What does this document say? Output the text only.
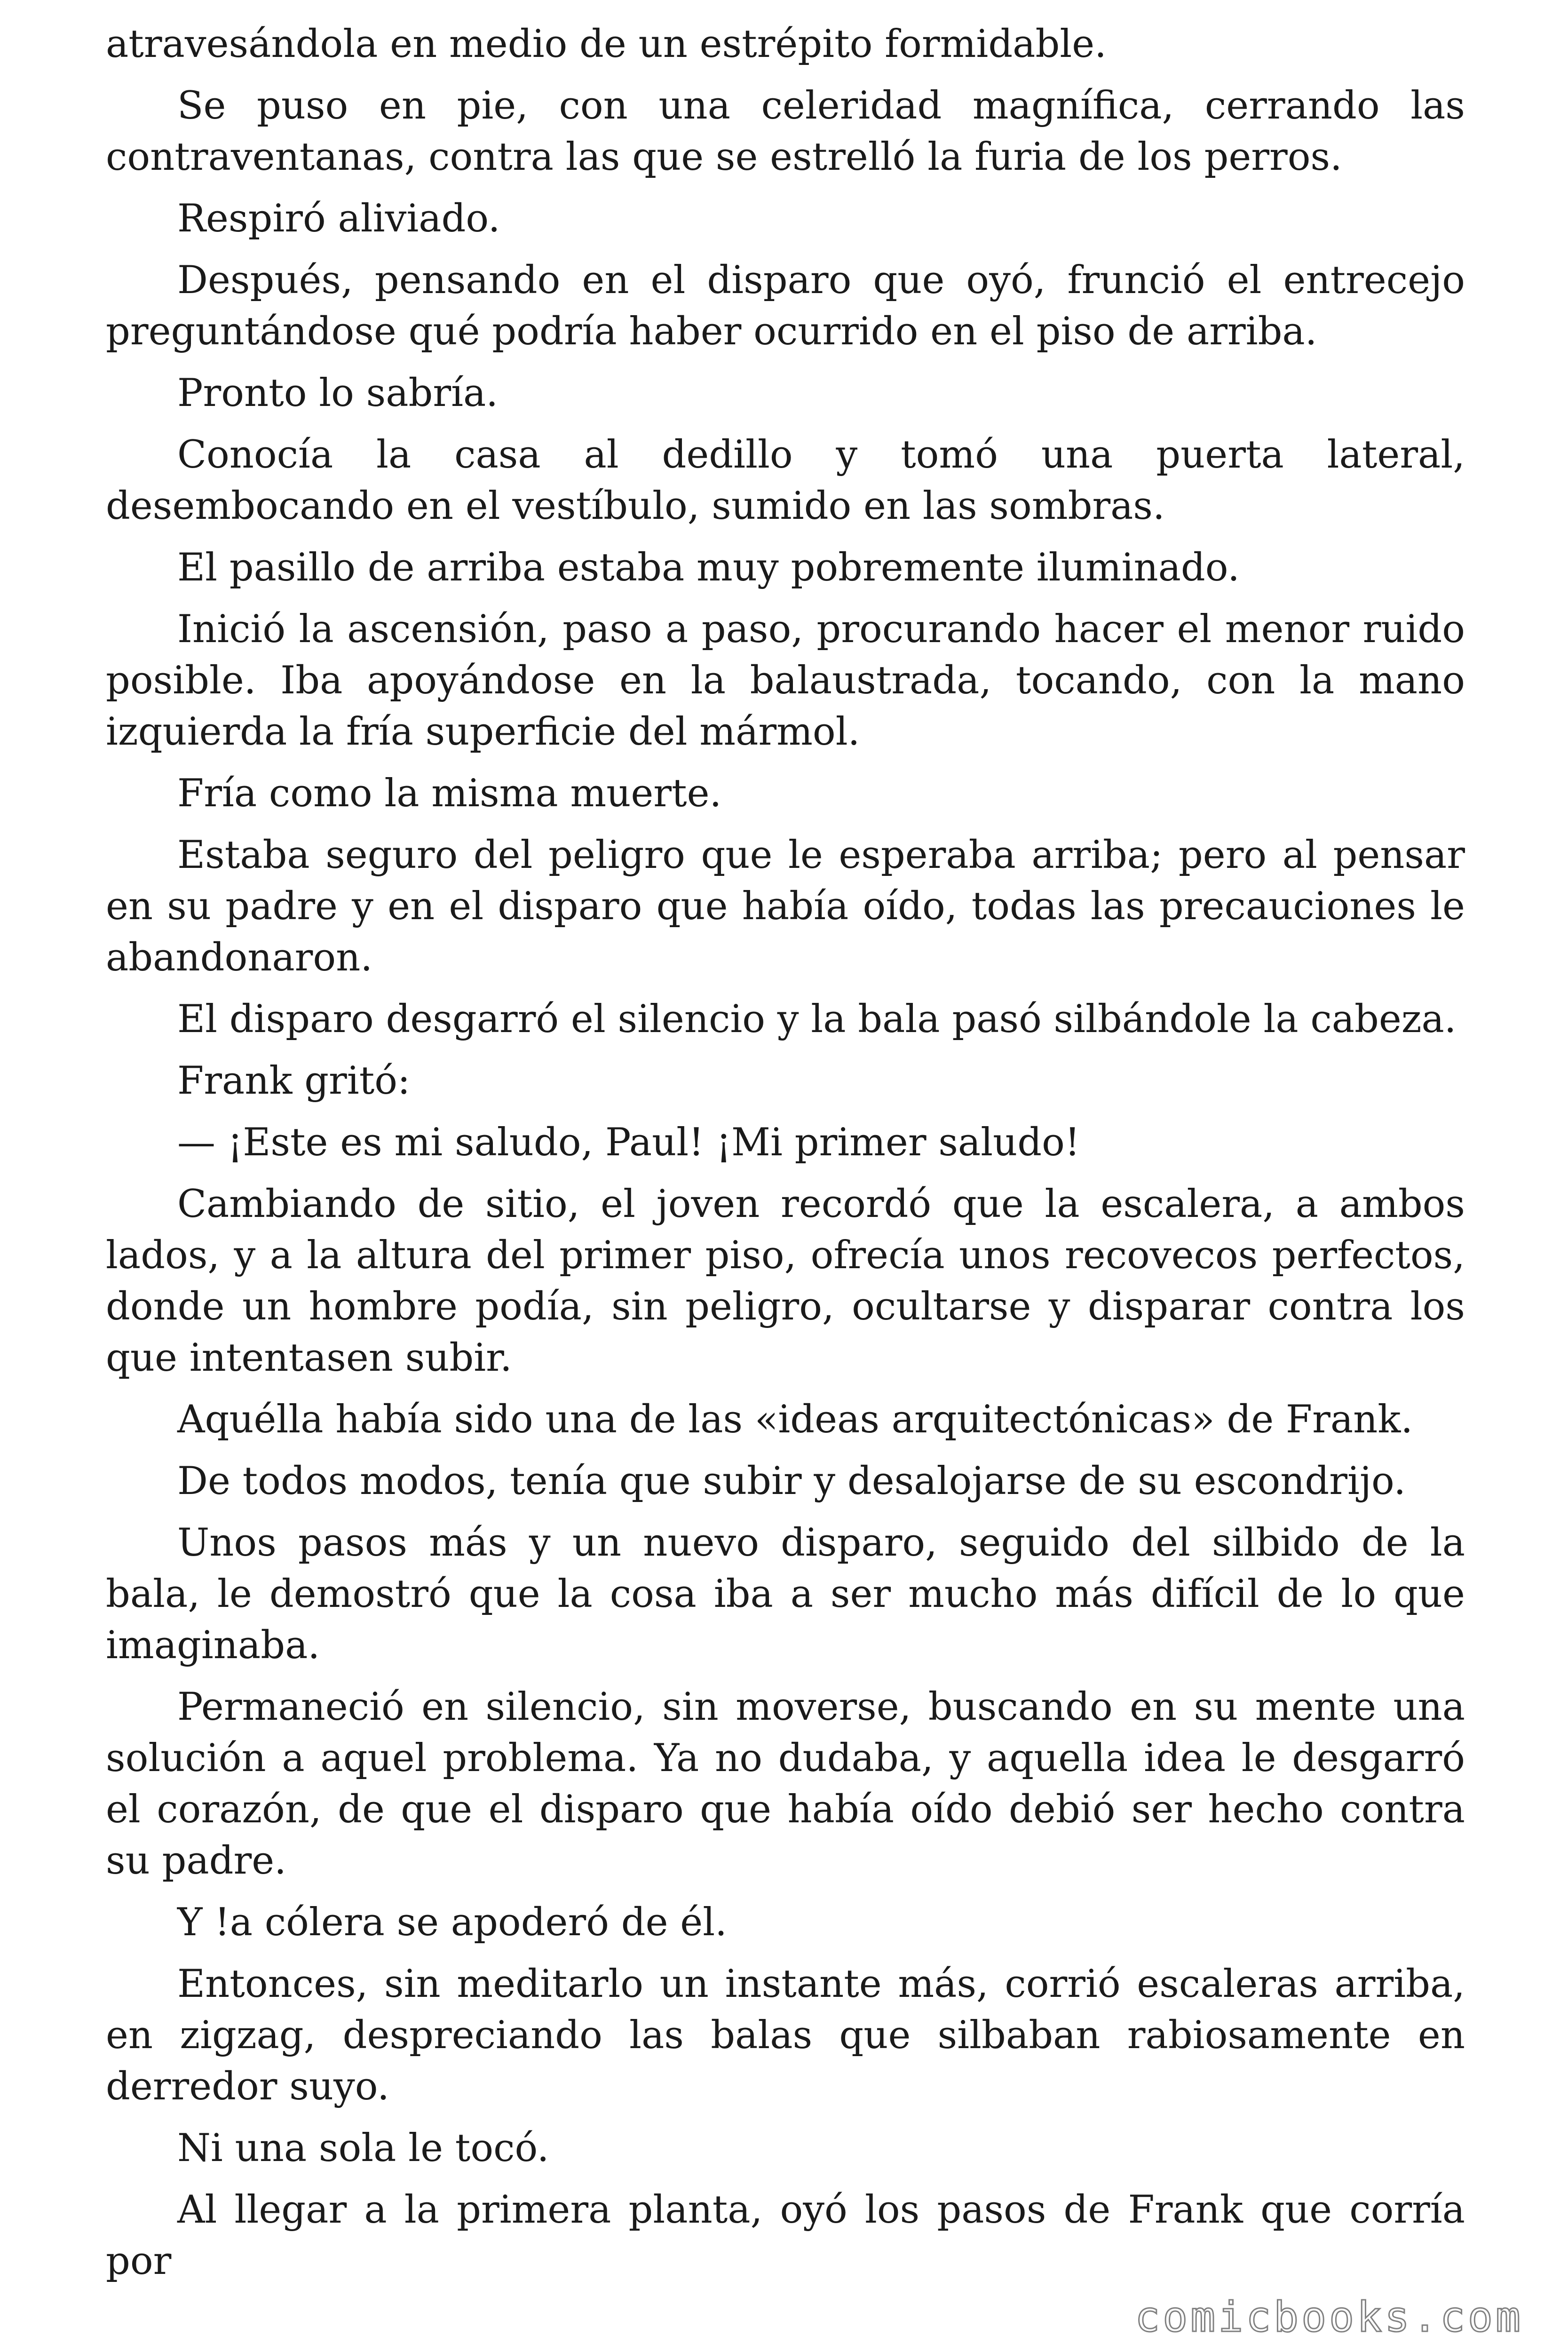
atravesándola en medio de un estrépito formidable.

Se puso en pie, con una celeridad magnífica, cerrando las contraventanas, contra las que se estrelló la furia de los perros.

Respiró aliviado.

Después, pensando en el disparo que oyó, frunció el entrecejo preguntándose qué podría haber ocurrido en el piso de arriba.

Pronto lo sabría.

Conocía la casa al dedillo y tomó una puerta lateral, desembocando en el vestíbulo, sumido en las sombras.

El pasillo de arriba estaba muy pobremente iluminado.

Inició la ascensión, paso a paso, procurando hacer el menor ruido posible. Iba apoyándose en la balaustrada, tocando, con la mano izquierda la fría superficie del mármol.

Fría como la misma muerte.

Estaba seguro del peligro que le esperaba arriba; pero al pensar en su padre y en el disparo que había oído, todas las precauciones le abandonaron.

El disparo desgarró el silencio y la bala pasó silbándole la cabeza.

Frank gritó:

— ¡Este es mi saludo, Paul! ¡Mi primer saludo!

Cambiando de sitio, el joven recordó que la escalera, a ambos lados, y a la altura del primer piso, ofrecía unos recovecos perfectos, donde un hombre podía, sin peligro, ocultarse y disparar contra los que intentasen subir.

Aquélla había sido una de las «ideas arquitectónicas» de Frank.

De todos modos, tenía que subir y desalojarse de su escondrijo.

Unos pasos más y un nuevo disparo, seguido del silbido de la bala, le demostró que la cosa iba a ser mucho más difícil de lo que imaginaba.

Permaneció en silencio, sin moverse, buscando en su mente una solución a aquel problema. Ya no dudaba, y aquella idea le desgarró el corazón, de que el disparo que había oído debió ser hecho contra su padre.

Y !a cólera se apoderó de él.

Entonces, sin meditarlo un instante más, corrió escaleras arriba, en zigzag, despreciando las balas que silbaban rabiosamente en derredor suyo.

Ni una sola le tocó.

Al llegar a la primera planta, oyó los pasos de Frank que corría por

comicbooks.com
